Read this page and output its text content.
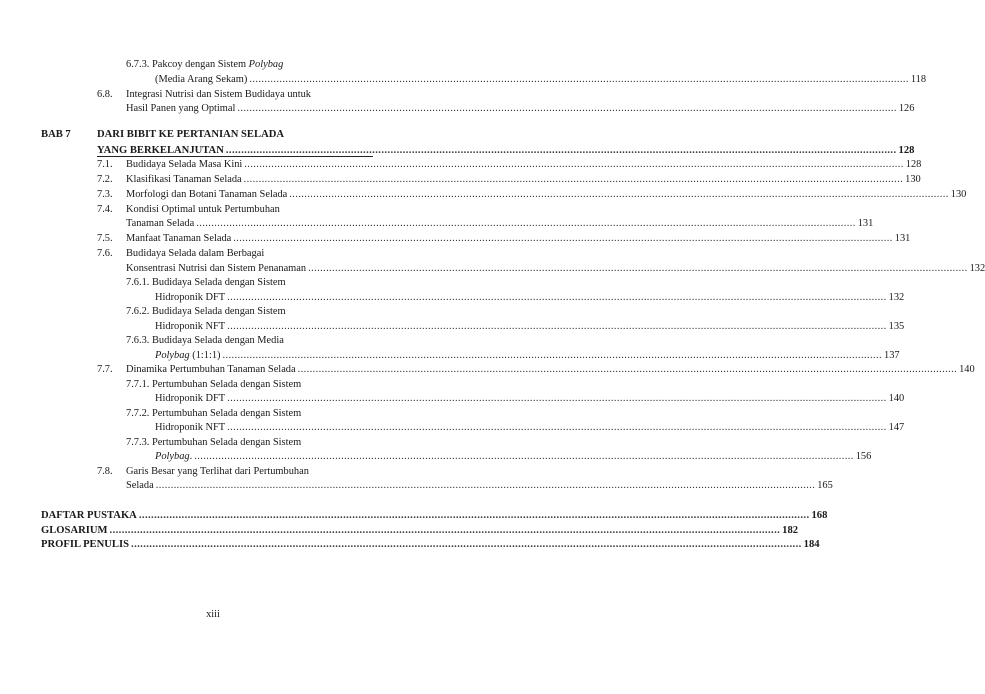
6.7.3. Pakcoy dengan Sistem Polybag
(Media Arang Sekam) ............................................................................................................................................................................................................................ 118
6.8. Integrasi Nutrisi dan Sistem Budidaya untuk
Hasil Panen yang Optimal ............................................................................................................................................................................................................................ 126
BAB 7 DARI BIBIT KE PERTANIAN SELADA
YANG BERKELANJUTAN ............................................................................................................................................................................................................................ 128
7.1. Budidaya Selada Masa Kini ............................................................................................................................................................................................................................ 128
7.2. Klasifikasi Tanaman Selada ............................................................................................................................................................................................................................ 130
7.3. Morfologi dan Botani Tanaman Selada ............................................................................................................................................................................................................................ 130
7.4. Kondisi Optimal untuk Pertumbuhan
Tanaman Selada ............................................................................................................................................................................................................................ 131
7.5. Manfaat Tanaman Selada ............................................................................................................................................................................................................................ 131
7.6. Budidaya Selada dalam Berbagai
Konsentrasi Nutrisi dan Sistem Penanaman ............................................................................................................................................................................................................................ 132
7.6.1. Budidaya Selada dengan Sistem
Hidroponik DFT ............................................................................................................................................................................................................................ 132
7.6.2. Budidaya Selada dengan Sistem
Hidroponik NFT ............................................................................................................................................................................................................................ 135
7.6.3. Budidaya Selada dengan Media
Polybag (1:1:1) ............................................................................................................................................................................................................................ 137
7.7. Dinamika Pertumbuhan Tanaman Selada ............................................................................................................................................................................................................................ 140
7.7.1. Pertumbuhan Selada dengan Sistem
Hidroponik DFT ............................................................................................................................................................................................................................ 140
7.7.2. Pertumbuhan Selada dengan Sistem
Hidroponik NFT ............................................................................................................................................................................................................................ 147
7.7.3. Pertumbuhan Selada dengan Sistem
Polybag. ............................................................................................................................................................................................................................ 156
7.8. Garis Besar yang Terlihat dari Pertumbuhan
Selada ............................................................................................................................................................................................................................ 165
DAFTAR PUSTAKA ............................................................................................................................................................................................................................ 168
GLOSARIUM ............................................................................................................................................................................................................................ 182
PROFIL PENULIS ............................................................................................................................................................................................................................ 184
xiii
